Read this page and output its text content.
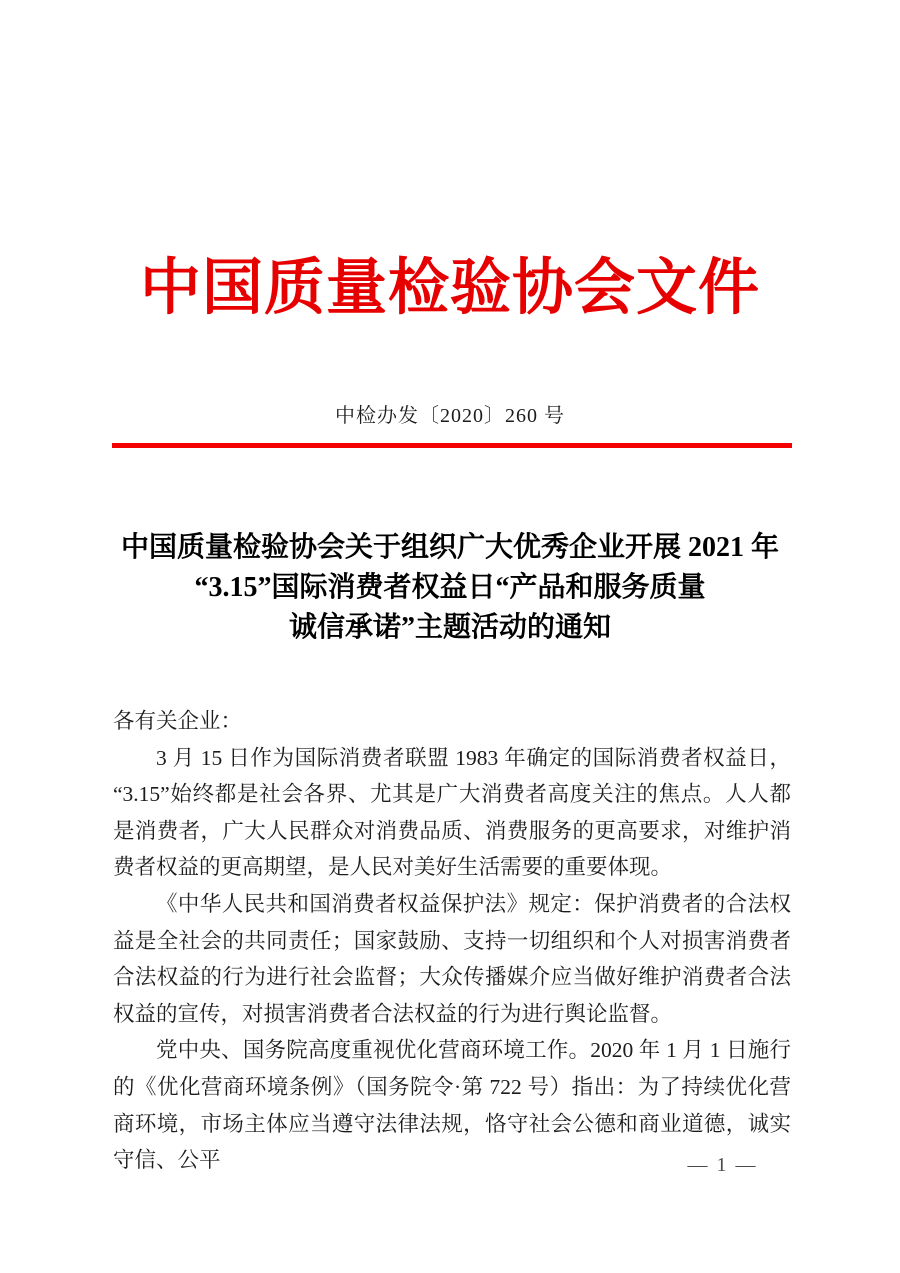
中国质量检验协会文件
中检办发〔2020〕260 号
中国质量检验协会关于组织广大优秀企业开展 2021 年
“3.15”国际消费者权益日“产品和服务质量
诚信承诺”主题活动的通知

各有关企业：

3 月 15 日作为国际消费者联盟 1983 年确定的国际消费者权益日，“3.15”始终都是社会各界、尤其是广大消费者高度关注的焦点。人人都是消费者，广大人民群众对消费品质、消费服务的更高要求，对维护消费者权益的更高期望，是人民对美好生活需要的重要体现。

《中华人民共和国消费者权益保护法》规定：保护消费者的合法权益是全社会的共同责任；国家鼓励、支持一切组织和个人对损害消费者合法权益的行为进行社会监督；大众传播媒介应当做好维护消费者合法权益的宣传，对损害消费者合法权益的行为进行舆论监督。

党中央、国务院高度重视优化营商环境工作。2020 年 1 月 1 日施行的《优化营商环境条例》（国务院令·第 722 号）指出：为了持续优化营商环境，市场主体应当遵守法律法规，恪守社会公德和商业道德，诚实守信、公平	— 1 —
